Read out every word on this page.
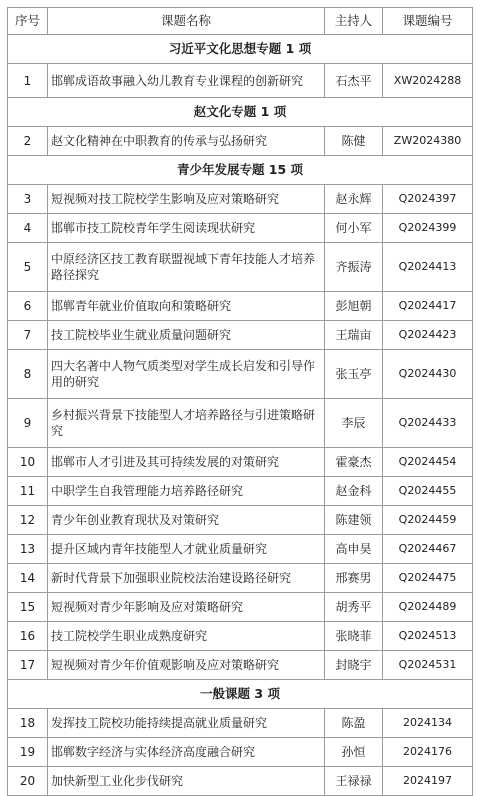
序号	课题名称	主持人	课题编号
习近平文化思想专题 1 项			
1	邯郸成语故事融入幼儿教育专业课程的创新研究	石杰平	XW2024288
赵文化专题 1 项			
2	赵文化精神在中职教育的传承与弘扬研究	陈健	ZW2024380
青少年发展专题 15 项			
3	短视频对技工院校学生影响及应对策略研究	赵永辉	Q2024397
4	邯郸市技工院校青年学生阅读现状研究	何小军	Q2024399
5	中原经济区技工教育联盟视域下青年技能人才培养路径探究	齐振涛	Q2024413
6	邯郸青年就业价值取向和策略研究	彭旭朝	Q2024417
7	技工院校毕业生就业质量问题研究	王瑞亩	Q2024423
8	四大名著中人物气质类型对学生成长启发和引导作用的研究	张玉亭	Q2024430
9	乡村振兴背景下技能型人才培养路径与引进策略研究	李辰	Q2024433
10	邯郸市人才引进及其可持续发展的对策研究	霍豪杰	Q2024454
11	中职学生自我管理能力培养路径研究	赵金科	Q2024455
12	青少年创业教育现状及对策研究	陈建领	Q2024459
13	提升区域内青年技能型人才就业质量研究	高申昊	Q2024467
14	新时代背景下加强职业院校法治建设路径研究	邢赛男	Q2024475
15	短视频对青少年影响及应对策略研究	胡秀平	Q2024489
16	技工院校学生职业成熟度研究	张晓菲	Q2024513
17	短视频对青少年价值观影响及应对策略研究	封晓宇	Q2024531
一般课题 3 项			
18	发挥技工院校功能持续提高就业质量研究	陈盈	2024134
19	邯郸数字经济与实体经济高度融合研究	孙恒	2024176
20	加快新型工业化步伐研究	王禄禄	2024197
